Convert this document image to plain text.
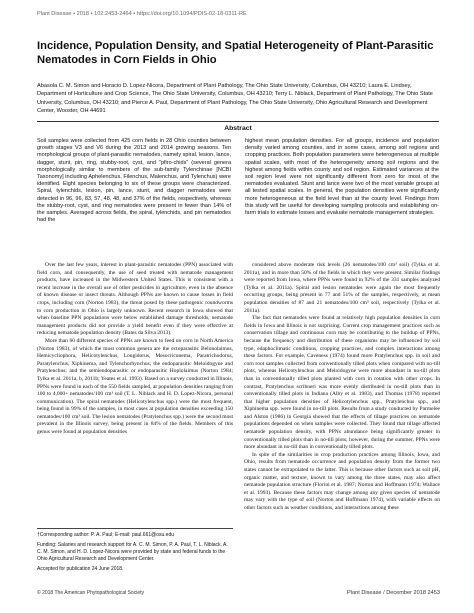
Plant Disease • 2018 • 102:2453-2464 • https://doi.org/10.1094/PDIS-02-18-0311-RE
Incidence, Population Density, and Spatial Heterogeneity of Plant-Parasitic Nematodes in Corn Fields in Ohio
Abasola C. M. Simon and Horacio D. Lopez-Nicora, Department of Plant Pathology, The Ohio State University, Columbus, OH 43210; Laura E. Lindsey, Department of Horticulture and Crop Science, The Ohio State University, Columbus, OH 43210; Terry L. Niblack, Department of Plant Pathology, The Ohio State University, Columbus, OH 43210; and Pierce A. Paul, Department of Plant Pathology, The Ohio State University, Ohio Agricultural Research and Development Center, Wooster, OH 44691
Abstract
Soil samples were collected from 425 corn fields in 28 Ohio counties between growth stages V3 and V6 during the 2013 and 2014 growing seasons. Ten morphological groups of plant-parasitic nematodes, namely spiral, lesion, lance, dagger, stunt, pin, ring, stubby-root, cyst, and "pfiro-chids" (several genera morphologically similar to members of the sub-family Tylenchinae [NCBI Taxonomy] including Aphelenchus, Filenchus, Malenchus, and Tylenchus) were identified. Eight species belonging to six of these groups were characterized. Spiral, tylenchids, lesion, pin, lance, stunt, and dagger nematodes were detected in 96, 96, 83, 57, 48, 48, and 37% of the fields, respectively, whereas the stubby-root, cyst, and ring nematodes were present in fewer than 14% of the samples. Averaged across fields, the spiral, tylenchids, and pin nematodes had the
highest mean population densities. For all groups, incidence and population density varied among counties, and in some cases, among soil regions and cropping practices. Both population parameters were heterogeneous at multiple spatial scales, with most of the heterogeneity among soil regions and the highest among fields within county and soil region. Estimated variances at the soil region level were not significantly different from zero for most of the nematodes evaluated. Stunt and lance were two of the most variable groups at all tested spatial scales. In general, the population densities were significantly more heterogeneous at the field level than at the county level. Findings from this study will be useful for developing sampling protocols and establishing on-farm trials to estimate losses and evaluate nematode management strategies.

Over the last few years, interest in plant-parasitic nematodes (PPN) associated with field corn, and consequently, the use of seed treated with nematode management products, have increased in the Midwestern United States. This is consistent with a recent increase in the overall use of other pesticides in agriculture, even in the absence of known disease or insect threats. Although PPNs are known to cause losses in field crops, including corn (Norton 1983), the threat posed by these pathogenic roundworms to corn production in Ohio is largely unknown. Recent research in Iowa showed that when baseline PPN populations were below established damage thresholds, nematode management products did not provide a yield benefit even if they were effective at reducing nematode population density (Bates da Silva 2013).

More than 60 different species of PPNs are known to feed on corn in North America (Norton 1983), of which the most common genera are the ectoparasitic Belonolaimus, Hemicycliophora, Helicotylenchus, Longidorus, Mesocriconema, Paratrichodorus, Paratylenchus, Xiphinema, and Tylenchorhynchus; the endoparasitic Meloidogyne and Pratylenchus; and the semiendoparasitic or endoparasitic Hoplolaimus (Norton 1984; Tylka et al. 2011a, b, 2011b; Yeates et al. 1993). Based on a survey conducted in Illinois, PPNs were found in each of the 550 fields sampled, at population densities ranging from 100 to 4,000+ nematodes/100 cm³ soil (T. L. Niblack and H. D. Lopez-Nicora, personal communication). The spiral nematodes (Helicotylenchus spp.) were the most frequent, being found in 99% of the samples, in most cases at population densities exceeding 150 nematodes/100 cm³ soil. The lesion nematodes (Pratylenchus spp.) were the second most prevalent in the Illinois survey, being present in 84% of the fields. Members of this genus were found at population densities

considered above moderate risk levels (26 nematodes/100 cm³ soil) (Tylka et al. 2011a), and in more than 50% of the fields in which they were present. Similar findings were reported from Iowa, where PPNs were found in 92% of the 331 samples analyzed (Tylka et al. 2011a). Spiral and lesion nematodes were again the most frequently occurring groups, being present in 77 and 51% of the samples, respectively, at mean population densities of 87 and 21 nematodes/100 cm³ soil, respectively (Tylka et al. 2011a).

The fact that nematodes were found at relatively high population densities in corn fields in Iowa and Illinois is not surprising. Current crop management practices such as conservation tillage and continuous corn may be contributing to the buildup of PPNs, because the frequency and distribution of these organisms may be influenced by soil type, edaphoclimatic conditions, cropping practices, and complex interactions among these factors. For example, Caveness (1974) found more Pratylenchus spp. in soil and corn root samples collected from conventionally tilled plots when compared with no-till plots, whereas Helicotylenchus and Meloidogyne were more abundant in no-till plots than in conventionally tilled plots planted with corn in rotation with other crops. In contrast, Pratylenchus scribneri was more evenly distributed in no-till plots than in conventionally tilled plots in Indiana (Alby et al. 1983), and Thomas (1978) reported that higher population densities of Helicotylenchus spp., Pratylenchus spp., and Xiphinema spp. were found in no-till plots. Results from a study conducted by Parmelee and Alston (1986) in Georgia showed that the effects of tillage practices on nematode populations depended on when samples were collected. They found that tillage affected nematode population density, with PPNs abundance being significantly greater in conventionally tilled plots than in no-till plots; however, during the summer, PPNs were more abundant in no-till than in conventionally tilled plots.

In spite of the similarities in crop production practices among Illinois, Iowa, and Ohio, results from nematode occurrence and population density from the former two states cannot be extrapolated to the latter. This is because other factors such as soil pH, organic matter, and texture, known to vary among the three states, may also affect nematode population structure (Florini et al. 1987; Norton and Hoffmann 1974; Wallace et al. 1993). Because these factors may change among any given species of nematode may vary with the type of soil (Norton and Hoffmann 1974), with variable effects on other factors such as weather conditions, and interactions among these

†Corresponding author: P. A. Paul; E-mail: paul.661@osu.edu

Funding: Salaries and research support for A. C. M. Simon, P. A. Paul, T. L. Niblack, A. C. M. Simon, and H. D. Lopez-Nicora were provided by state and federal funds to the Ohio Agricultural Research and Development Center.

Accepted for publication 24 June 2018.

© 2018 The American Phytopathological Society	Plant Disease / December 2018 2453
